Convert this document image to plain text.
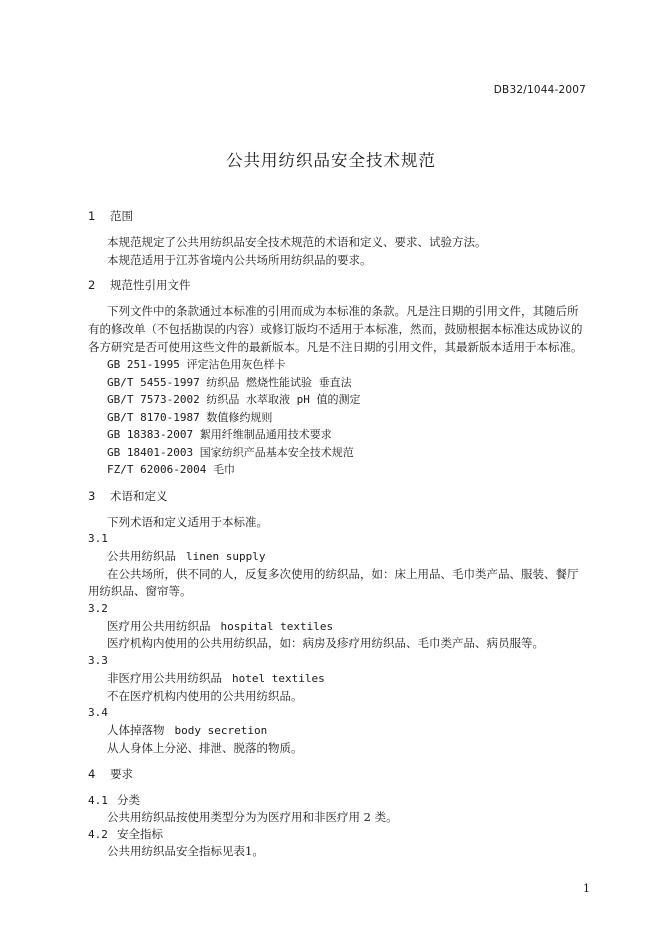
DB32/1044-2007
公共用纺织品安全技术规范
1 范围
本规范规定了公共用纺织品安全技术规范的术语和定义、要求、试验方法。
本规范适用于江苏省境内公共场所用纺织品的要求。
2 规范性引用文件
下列文件中的条款通过本标准的引用而成为本标准的条款。凡是注日期的引用文件，其随后所
有的修改单（不包括勘误的内容）或修订版均不适用于本标准，然而，鼓励根据本标准达成协议的
各方研究是否可使用这些文件的最新版本。凡是不注日期的引用文件，其最新版本适用于本标准。
GB 251-1995 评定沾色用灰色样卡
GB/T 5455-1997 纺织品 燃烧性能试验 垂直法
GB/T 7573-2002 纺织品 水萃取液 pH 值的测定
GB/T 8170-1987 数值修约规则
GB 18383-2007 絮用纤维制品通用技术要求
GB 18401-2003 国家纺织产品基本安全技术规范
FZ/T 62006-2004 毛巾
3 术语和定义
下列术语和定义适用于本标准。
3.1
公共用纺织品 linen supply
在公共场所，供不同的人，反复多次使用的纺织品，如：床上用品、毛巾类产品、服装、餐厅
用纺织品、窗帘等。
3.2
医疗用公共用纺织品 hospital textiles
医疗机构内使用的公共用纺织品，如：病房及疹疗用纺织品、毛巾类产品、病员服等。
3.3
非医疗用公共用纺织品 hotel textiles
不在医疗机构内使用的公共用纺织品。
3.4
人体掉落物 body secretion
从人身体上分泌、排泄、脱落的物质。
4 要求
4.1 分类
公共用纺织品按使用类型分为为医疗用和非医疗用 2 类。
4.2 安全指标
公共用纺织品安全指标见表1。
1
